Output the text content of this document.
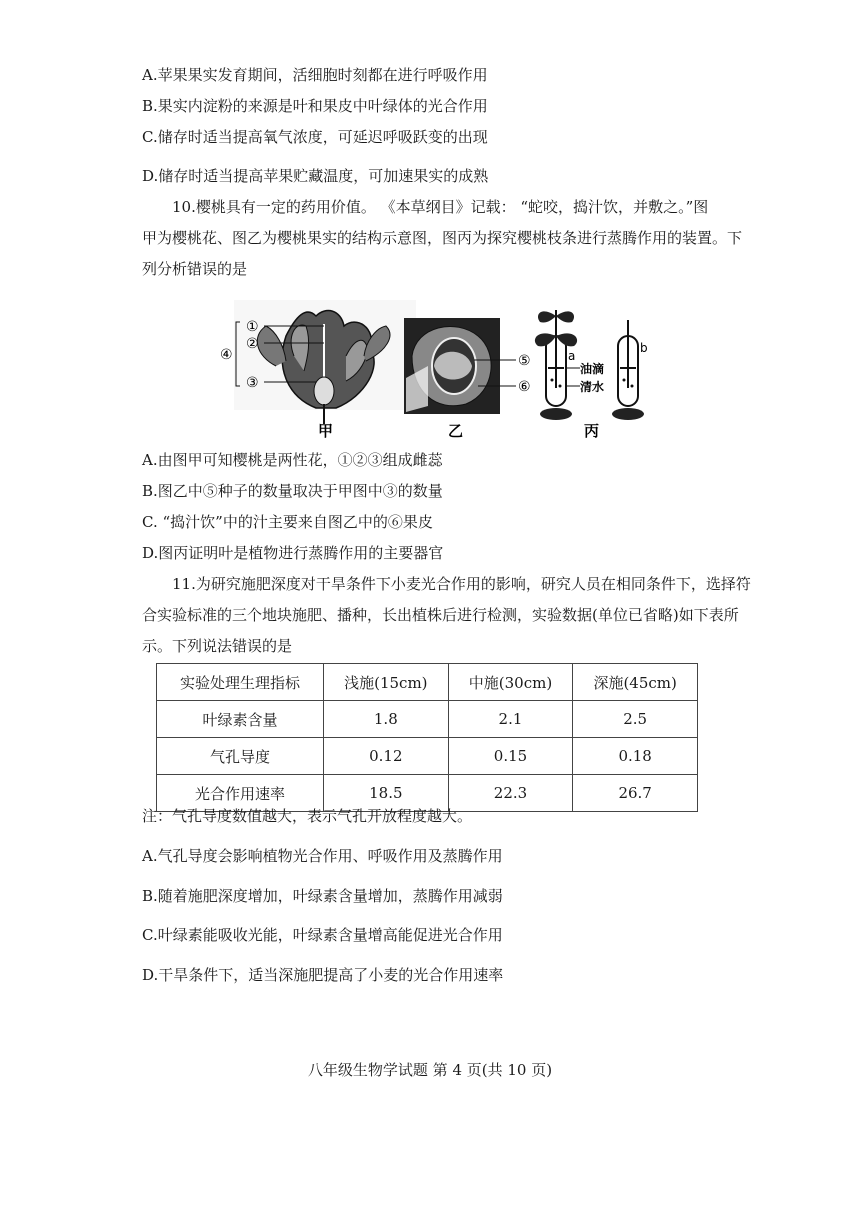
A.苹果果实发育期间，活细胞时刻都在进行呼吸作用
B.果实内淀粉的来源是叶和果皮中叶绿体的光合作用
C.储存时适当提高氧气浓度，可延迟呼吸跃变的出现
D.储存时适当提高苹果贮藏温度，可加速果实的成熟
10.樱桃具有一定的药用价值。 《本草纲目》记载： “蛇咬，捣汁饮，并敷之。”图
甲为樱桃花、图乙为樱桃果实的结构示意图，图丙为探究樱桃枝条进行蒸腾作用的装置。下
列分析错误的是
①
②
③
④
甲
⑤
⑥
乙
a
b
油滴
清水
丙
A.由图甲可知樱桃是两性花，①②③组成雌蕊
B.图乙中⑤种子的数量取决于甲图中③的数量
C. “捣汁饮”中的汁主要来自图乙中的⑥果皮
D.图丙证明叶是植物进行蒸腾作用的主要器官
11.为研究施肥深度对干旱条件下小麦光合作用的影响，研究人员在相同条件下，选择符
合实验标准的三个地块施肥、播种，长出植株后进行检测，实验数据(单位已省略)如下表所
示。下列说法错误的是
实验处理生理指标	浅施(15cm)	中施(30cm)	深施(45cm)
叶绿素含量	1.8	2.1	2.5
气孔导度	0.12	0.15	0.18
光合作用速率	18.5	22.3	26.7
注：气孔导度数值越大，表示气孔开放程度越大。
A.气孔导度会影响植物光合作用、呼吸作用及蒸腾作用
B.随着施肥深度增加，叶绿素含量增加，蒸腾作用减弱
C.叶绿素能吸收光能，叶绿素含量增高能促进光合作用
D.干旱条件下，适当深施肥提高了小麦的光合作用速率
八年级生物学试题 第 4 页(共 10 页)
